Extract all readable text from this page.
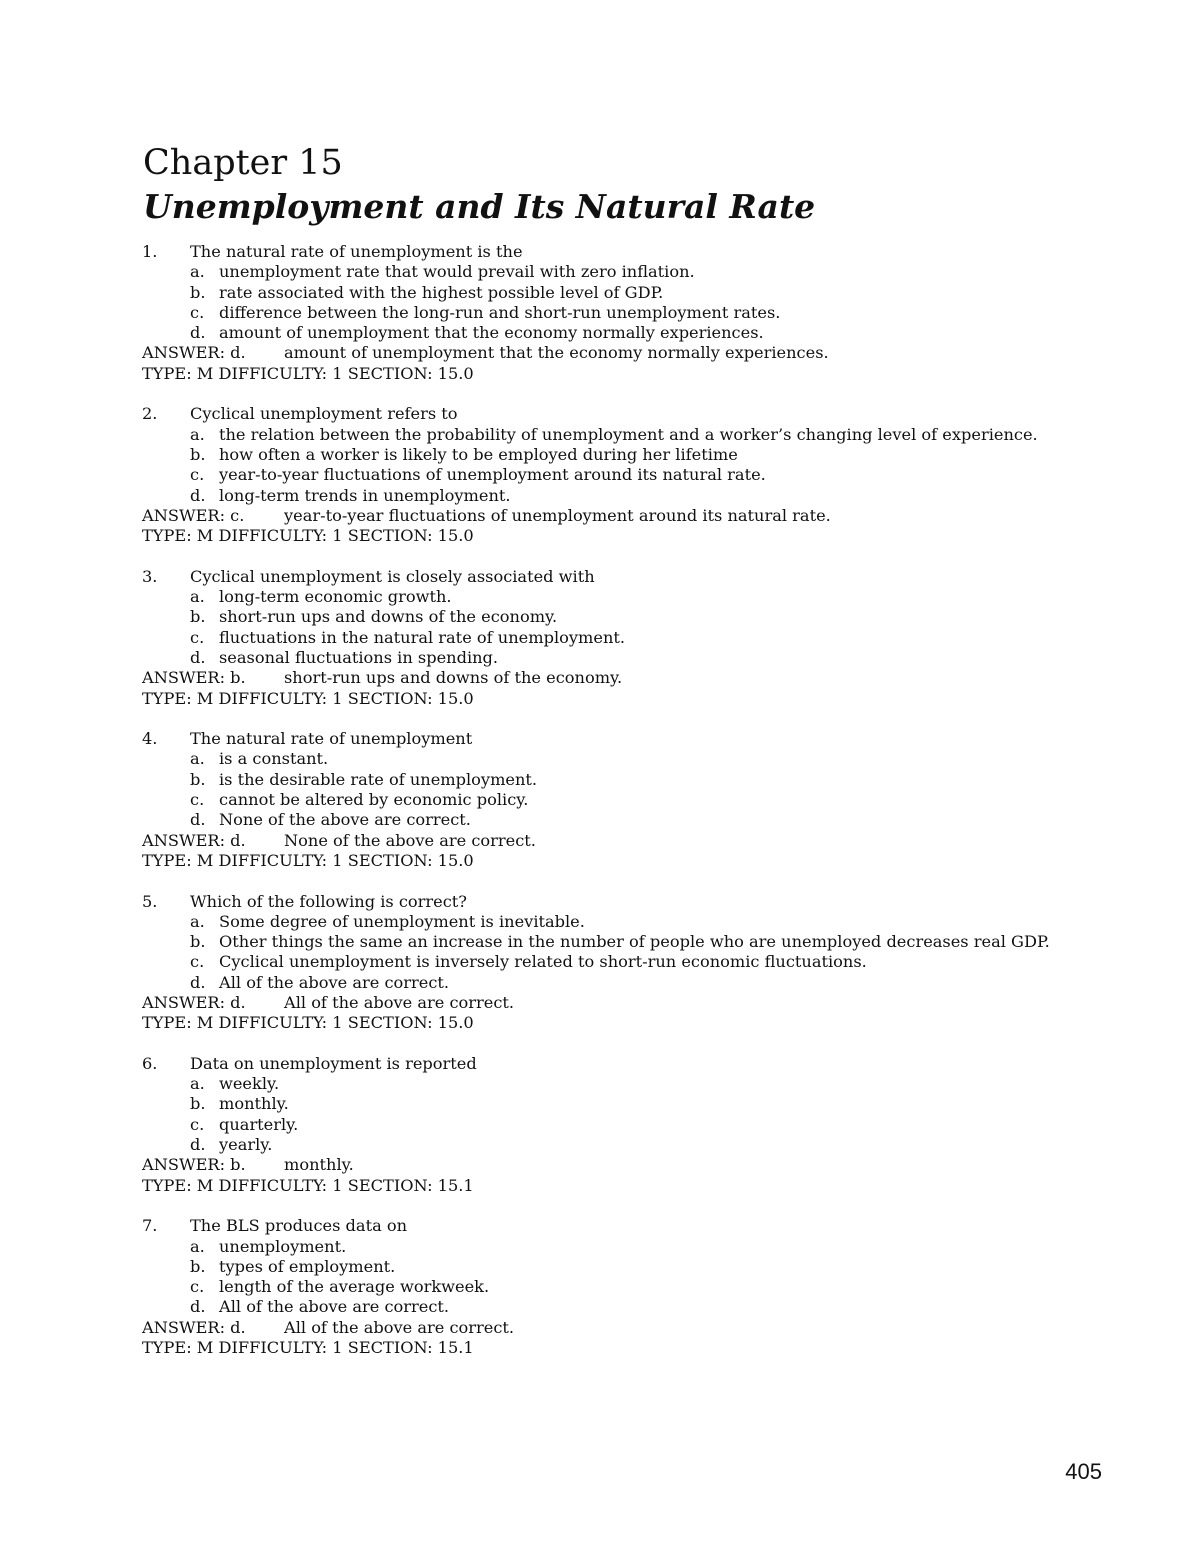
Chapter 15
Unemployment and Its Natural Rate
1.	The natural rate of unemployment is the
a. unemployment rate that would prevail with zero inflation.
b. rate associated with the highest possible level of GDP.
c. difference between the long-run and short-run unemployment rates.
d. amount of unemployment that the economy normally experiences.
ANSWER: d.	amount of unemployment that the economy normally experiences.
TYPE: M DIFFICULTY: 1 SECTION: 15.0
2.	Cyclical unemployment refers to
a. the relation between the probability of unemployment and a worker’s changing level of experience.
b. how often a worker is likely to be employed during her lifetime
c. year-to-year fluctuations of unemployment around its natural rate.
d. long-term trends in unemployment.
ANSWER: c.	year-to-year fluctuations of unemployment around its natural rate.
TYPE: M DIFFICULTY: 1 SECTION: 15.0
3.	Cyclical unemployment is closely associated with
a. long-term economic growth.
b. short-run ups and downs of the economy.
c. fluctuations in the natural rate of unemployment.
d. seasonal fluctuations in spending.
ANSWER: b.	short-run ups and downs of the economy.
TYPE: M DIFFICULTY: 1 SECTION: 15.0
4.	The natural rate of unemployment
a. is a constant.
b. is the desirable rate of unemployment.
c. cannot be altered by economic policy.
d. None of the above are correct.
ANSWER: d.	None of the above are correct.
TYPE: M DIFFICULTY: 1 SECTION: 15.0
5.	Which of the following is correct?
a. Some degree of unemployment is inevitable.
b. Other things the same an increase in the number of people who are unemployed decreases real GDP.
c. Cyclical unemployment is inversely related to short-run economic fluctuations.
d. All of the above are correct.
ANSWER: d.	All of the above are correct.
TYPE: M DIFFICULTY: 1 SECTION: 15.0
6.	Data on unemployment is reported
a. weekly.
b. monthly.
c. quarterly.
d. yearly.
ANSWER: b.	monthly.
TYPE: M DIFFICULTY: 1 SECTION: 15.1
7.	The BLS produces data on
a. unemployment.
b. types of employment.
c. length of the average workweek.
d. All of the above are correct.
ANSWER: d.	All of the above are correct.
TYPE: M DIFFICULTY: 1 SECTION: 15.1
405
